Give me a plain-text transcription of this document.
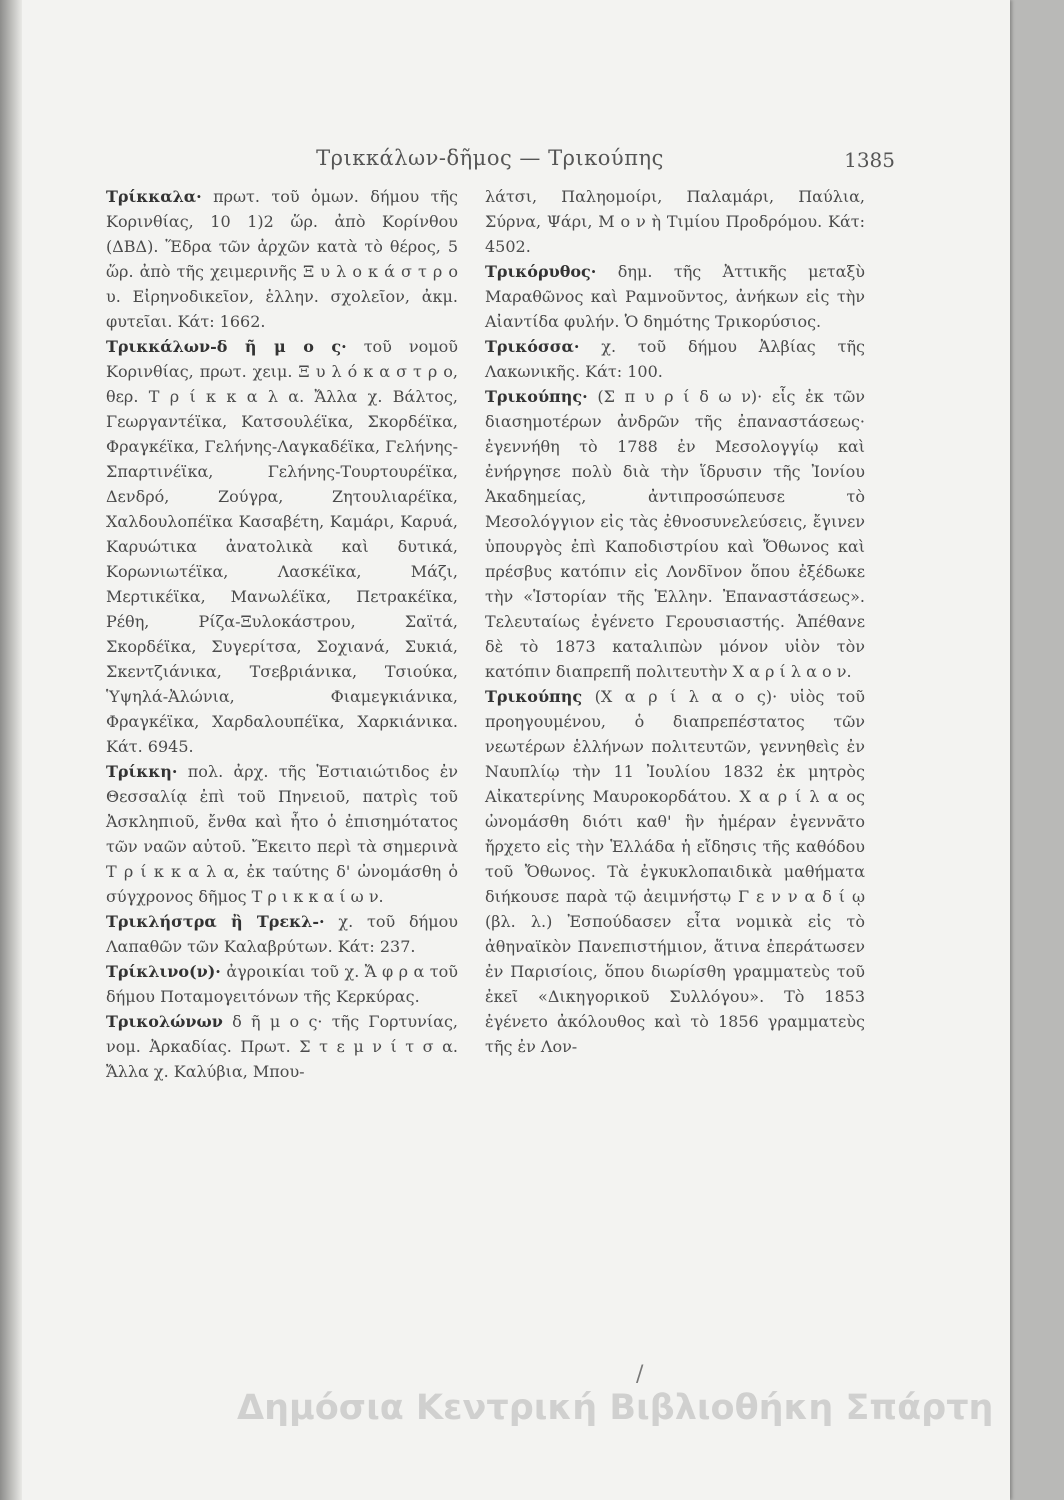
Τρικκάλων-δῆμος — Τρικούπης	1385

Τρίκκαλα· πρωτ. τοῦ ὁμων. δήμου τῆς Κορινθίας, 10 1)2 ὥρ. ἀπὸ Κορίνθου (ΔΒΔ). Ἕδρα τῶν ἀρχῶν κατὰ τὸ θέρος, 5 ὥρ. ἀπὸ τῆς χειμερινῆς Ξ υ λ ο κ ά σ τ ρ ο υ. Εἰρηνοδικεῖον, ἑλλην. σχολεῖον, ἀκμ. φυτεῖαι. Κάτ: 1662.

Τρικκάλων-δ ῆ μ ο ς· τοῦ νομοῦ Κορινθίας, πρωτ. χειμ. Ξ υ λ ό κ α σ τ ρ ο, θερ. Τ ρ ί κ κ α λ α. Ἄλλα χ. Βάλτος, Γεωργαντέϊκα, Κατσουλέϊκα, Σκορδέϊκα, Φραγκέϊκα, Γελήνης-Λαγκαδέϊκα, Γελήνης-Σπαρτινέϊκα, Γελήνης-Τουρτουρέϊκα, Δενδρό, Ζούγρα, Ζητουλιαρέϊκα, Χαλδουλοπέϊκα Κασαβέτη, Καμάρι, Καρυά, Καρυώτικα ἀνατολικὰ καὶ δυτικά, Κορωνιωτέϊκα, Λασκέϊκα, Μάζι, Μερτικέϊκα, Μανωλέϊκα, Πετρακέϊκα, Ρέθη, Ρίζα-Ξυλοκάστρου, Σαϊτά, Σκορδέϊκα, Συγερίτσα, Σοχιανά, Συκιά, Σκεντζιάνικα, Τσεβριάνικα, Τσιούκα, Ὑψηλά-Ἀλώνια, Φιαμεγκιάνικα, Φραγκέϊκα, Χαρδαλουπέϊκα, Χαρκιάνικα. Κάτ. 6945.

Τρίκκη· πολ. ἀρχ. τῆς Ἑστιαιώτιδος ἐν Θεσσαλίᾳ ἐπὶ τοῦ Πηνειοῦ, πατρὶς τοῦ Ἀσκληπιοῦ, ἔνθα καὶ ἦτο ὁ ἐπισημότατος τῶν ναῶν αὐτοῦ. Ἔκειτο περὶ τὰ σημερινὰ Τ ρ ί κ κ α λ α, ἐκ ταύτης δ' ὠνομάσθη ὁ σύγχρονος δῆμος Τ ρ ι κ κ α ί ω ν.

Τρικλήστρα ἢ Τρεκλ-· χ. τοῦ δήμου Λαπαθῶν τῶν Καλαβρύτων. Κάτ: 237.

Τρίκλινο(ν)· ἀγροικίαι τοῦ χ. Ἄ φ ρ α τοῦ δήμου Ποταμογειτόνων τῆς Κερκύρας.

Τρικολώνων δ ῆ μ ο ς· τῆς Γορτυνίας, νομ. Ἀρκαδίας. Πρωτ. Σ τ ε μ ν ί τ σ α. Ἄλλα χ. Καλύβια, Μπου-

λάτσι, Παληομοίρι, Παλαμάρι, Παύλια, Σύρνα, Ψάρι, Μ ο ν ὴ Τιμίου Προδρόμου. Κάτ: 4502.

Τρικόρυθος· δημ. τῆς Ἀττικῆς μεταξὺ Μαραθῶνος καὶ Ραμνοῦντος, ἀνήκων εἰς τὴν Αἰαντίδα φυλήν. Ὁ δημότης Τρικορύσιος.

Τρικόσσα· χ. τοῦ δήμου Ἀλβίας τῆς Λακωνικῆς. Κάτ: 100.

Τρικούπης· (Σ π υ ρ ί δ ω ν)· εἷς ἐκ τῶν διασημοτέρων ἀνδρῶν τῆς ἐπαναστάσεως· ἐγεννήθη τὸ 1788 ἐν Μεσολογγίῳ καὶ ἐνήργησε πολὺ διὰ τὴν ἵδρυσιν τῆς Ἰονίου Ἀκαδημείας, ἀντιπροσώπευσε τὸ Μεσολόγγιον εἰς τὰς ἐθνοσυνελεύσεις, ἔγινεν ὑπουργὸς ἐπὶ Καποδιστρίου καὶ Ὄθωνος καὶ πρέσβυς κατόπιν εἰς Λονδῖνον ὅπου ἐξέδωκε τὴν «Ἱστορίαν τῆς Ἑλλην. Ἐπαναστάσεως». Τελευταίως ἐγένετο Γερουσιαστής. Ἀπέθανε δὲ τὸ 1873 καταλιπὼν μόνον υἱὸν τὸν κατόπιν διαπρεπῆ πολιτευτὴν Χ α ρ ί λ α ο ν.

Τρικούπης (Χ α ρ ί λ α ο ς)· υἱὸς τοῦ προηγουμένου, ὁ διαπρεπέστατος τῶν νεωτέρων ἑλλήνων πολιτευτῶν, γεννηθεὶς ἐν Ναυπλίῳ τὴν 11 Ἰουλίου 1832 ἐκ μητρὸς Αἰκατερίνης Μαυροκορδάτου. Χ α ρ ί λ α ος ὠνομάσθη διότι καθ' ἣν ἡμέραν ἐγεννᾶτο ἤρχετο εἰς τὴν Ἑλλάδα ἡ εἴδησις τῆς καθόδου τοῦ Ὄθωνος. Τὰ ἐγκυκλοπαιδικὰ μαθήματα διήκουσε παρὰ τῷ ἀειμνήστῳ Γ ε ν ν α δ ί ῳ (βλ. λ.) Ἐσπούδασεν εἶτα νομικὰ εἰς τὸ ἀθηναϊκὸν Πανεπιστήμιον, ἅτινα ἐπεράτωσεν ἐν Παρισίοις, ὅπου διωρίσθη γραμματεὺς τοῦ ἐκεῖ «Δικηγορικοῦ Συλλόγου». Τὸ 1853 ἐγένετο ἀκόλουθος καὶ τὸ 1856 γραμματεὺς τῆς ἐν Λον-

/
Δημόσια Κεντρική Βιβλιοθήκη Σπάρτη
